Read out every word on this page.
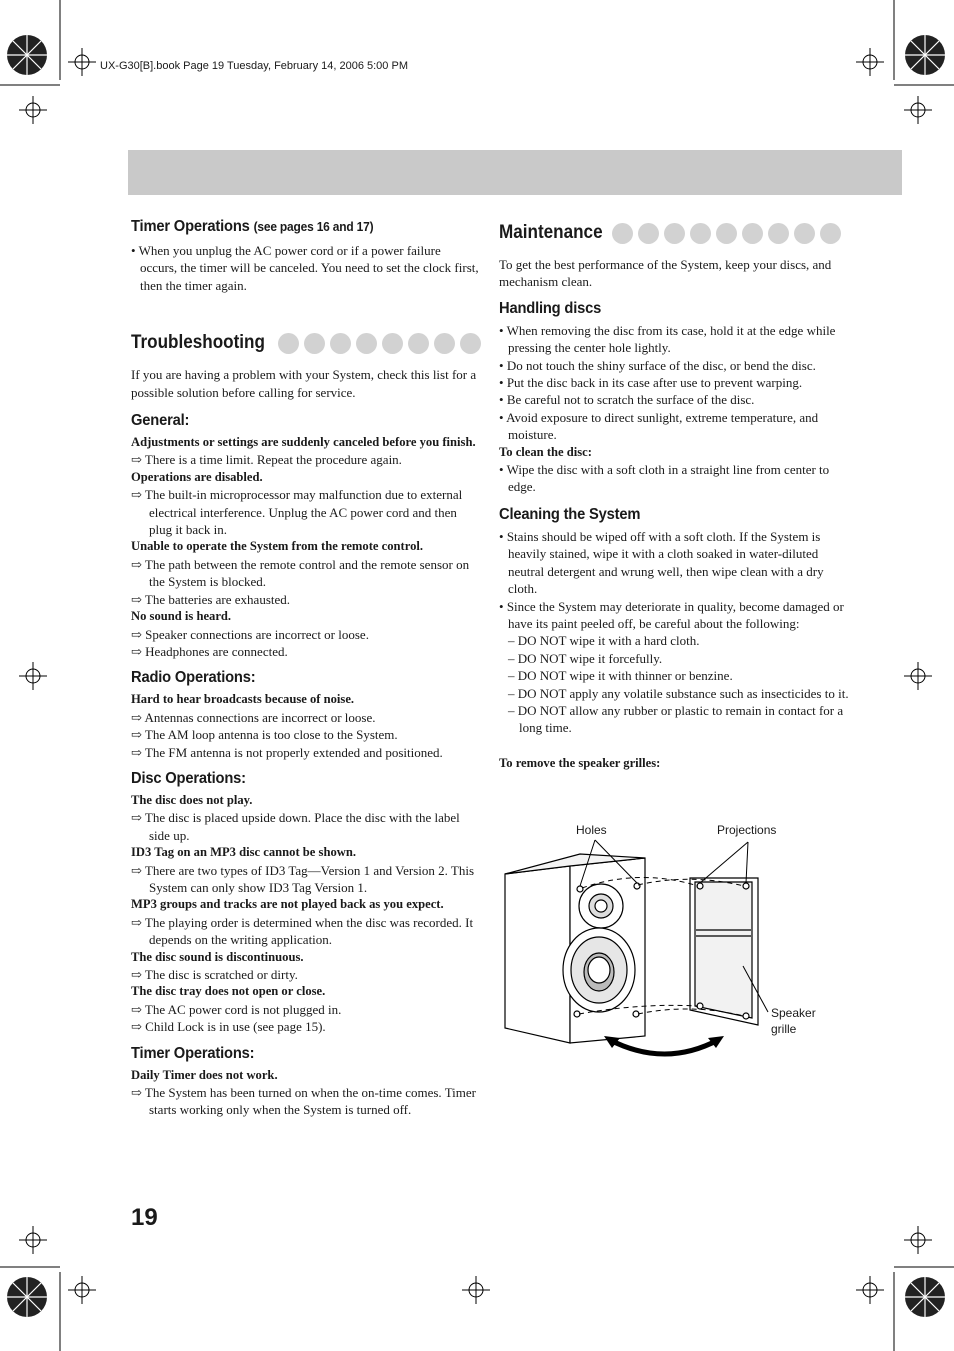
UX-G30[B].book Page 19 Tuesday, February 14, 2006 5:00 PM
Timer Operations (see pages 16 and 17)

• When you unplug the AC power cord or if a power failure occurs, the timer will be canceled. You need to set the clock first, then the timer again.

Troubleshooting

If you are having a problem with your System, check this list for a possible solution before calling for service.

General:

Adjustments or settings are suddenly canceled before you finish.

⇨ There is a time limit. Repeat the procedure again.

Operations are disabled.

⇨ The built-in microprocessor may malfunction due to external electrical interference. Unplug the AC power cord and then plug it back in.

Unable to operate the System from the remote control.

⇨ The path between the remote control and the remote sensor on the System is blocked.

⇨ The batteries are exhausted.

No sound is heard.

⇨ Speaker connections are incorrect or loose.

⇨ Headphones are connected.

Radio Operations:

Hard to hear broadcasts because of noise.

⇨ Antennas connections are incorrect or loose.

⇨ The AM loop antenna is too close to the System.

⇨ The FM antenna is not properly extended and positioned.

Disc Operations:

The disc does not play.

⇨ The disc is placed upside down. Place the disc with the label side up.

ID3 Tag on an MP3 disc cannot be shown.

⇨ There are two types of ID3 Tag—Version 1 and Version 2. This System can only show ID3 Tag Version 1.

MP3 groups and tracks are not played back as you expect.

⇨ The playing order is determined when the disc was recorded. It depends on the writing application.

The disc sound is discontinuous.

⇨ The disc is scratched or dirty.

The disc tray does not open or close.

⇨ The AC power cord is not plugged in.

⇨ Child Lock is in use (see page 15).

Timer Operations:

Daily Timer does not work.

⇨ The System has been turned on when the on-time comes. Timer starts working only when the System is turned off.

Maintenance

To get the best performance of the System, keep your discs, and mechanism clean.

Handling discs

• When removing the disc from its case, hold it at the edge while pressing the center hole lightly.

• Do not touch the shiny surface of the disc, or bend the disc.

• Put the disc back in its case after use to prevent warping.

• Be careful not to scratch the surface of the disc.

• Avoid exposure to direct sunlight, extreme temperature, and moisture.

To clean the disc:

• Wipe the disc with a soft cloth in a straight line from center to edge.

Cleaning the System

• Stains should be wiped off with a soft cloth. If the System is heavily stained, wipe it with a cloth soaked in water-diluted neutral detergent and wrung well, then wipe clean with a dry cloth.

• Since the System may deteriorate in quality, become damaged or have its paint peeled off, be careful about the following:

– DO NOT wipe it with a hard cloth.

– DO NOT wipe it forcefully.

– DO NOT wipe it with thinner or benzine.

– DO NOT apply any volatile substance such as insecticides to it.

– DO NOT allow any rubber or plastic to remain in contact for a long time.

To remove the speaker grilles:

Holes	Projections
Speaker
grille
19
